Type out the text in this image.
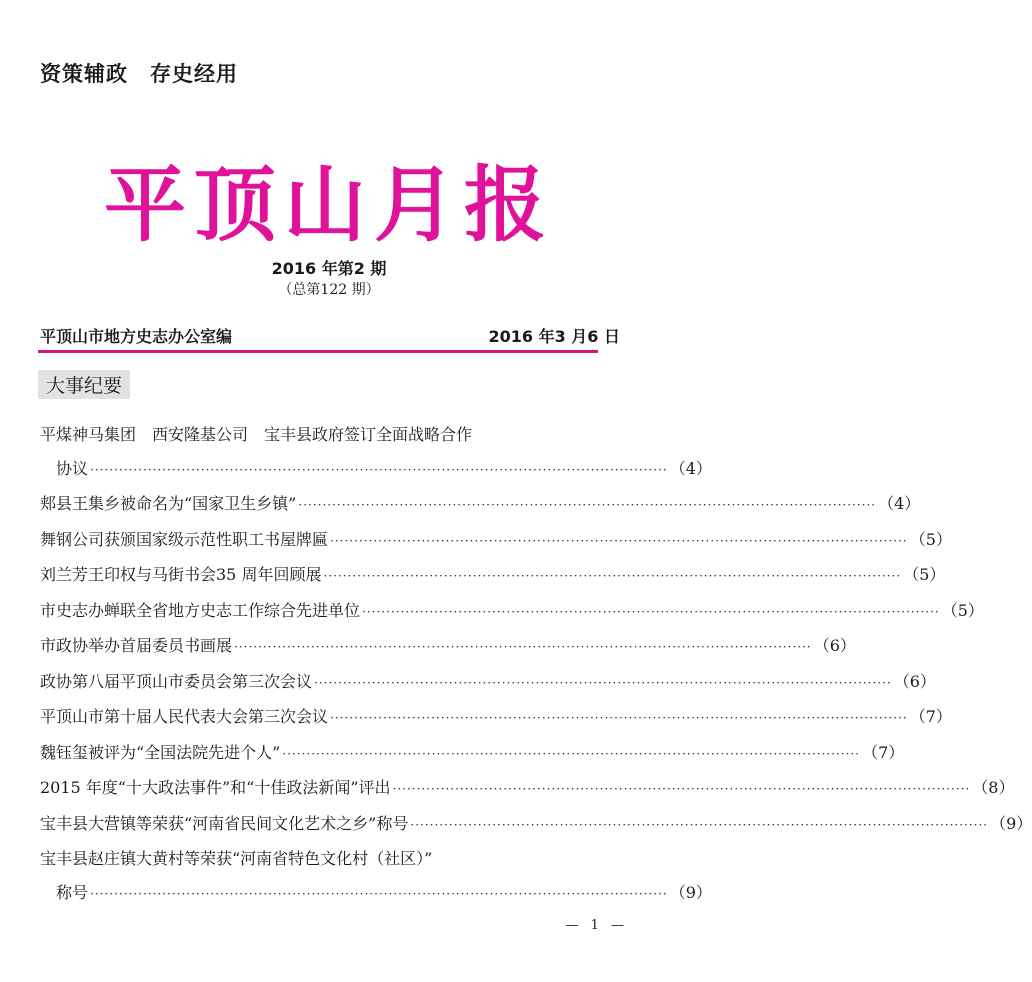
资策辅政　存史经用
平顶山月报
2016 年第2 期
（总第122 期）
平顶山市地方史志办公室编	2016 年3 月6 日
大事纪要
平煤神马集团　西安隆基公司　宝丰县政府签订全面战略合作
协议 ························································································································ （4）
郏县王集乡被命名为“国家卫生乡镇” ························································································································ （4）
舞钢公司获颁国家级示范性职工书屋牌匾 ························································································································ （5）
刘兰芳王印权与马街书会35 周年回顾展 ························································································································ （5）
市史志办蝉联全省地方史志工作综合先进单位 ························································································································ （5）
市政协举办首届委员书画展 ························································································································ （6）
政协第八届平顶山市委员会第三次会议 ························································································································ （6）
平顶山市第十届人民代表大会第三次会议 ························································································································ （7）
魏钰玺被评为“全国法院先进个人” ························································································································ （7）
2015 年度“十大政法事件”和“十佳政法新闻”评出 ························································································································ （8）
宝丰县大营镇等荣获“河南省民间文化艺术之乡”称号 ························································································································ （9）
宝丰县赵庄镇大黄村等荣获“河南省特色文化村（社区）”
称号 ························································································································ （9）
— 1 —
